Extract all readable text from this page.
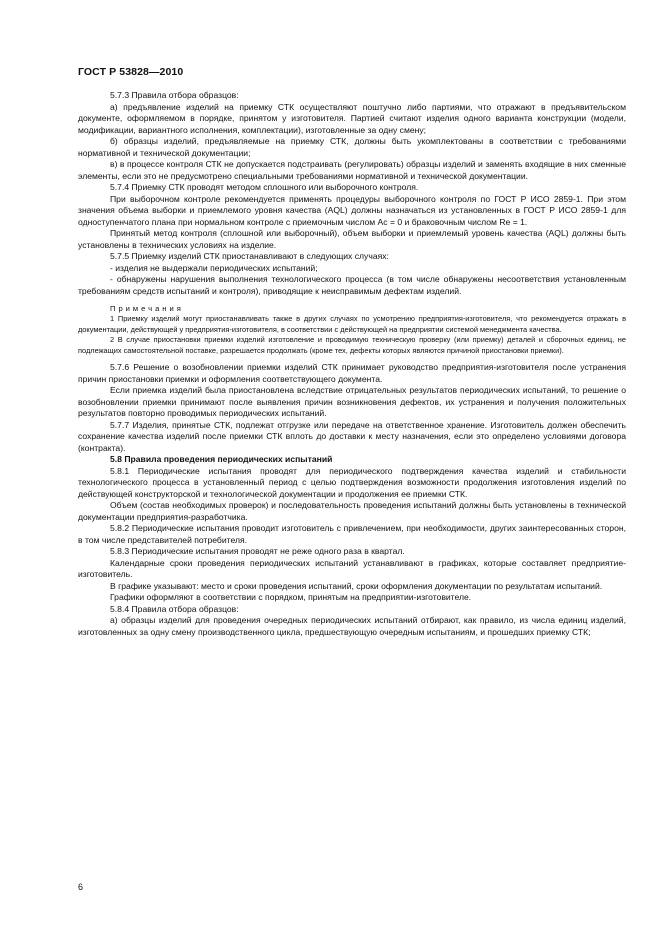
ГОСТ Р 53828—2010

5.7.3 Правила отбора образцов:

а) предъявление изделий на приемку СТК осуществляют поштучно либо партиями, что отражают в предъявительском документе, оформляемом в порядке, принятом у изготовителя. Партией считают изделия одного варианта конструкции (модели, модификации, вариантного исполнения, комплектации), изготовленные за одну смену;

б) образцы изделий, предъявляемые на приемку СТК, должны быть укомплектованы в соответствии с требованиями нормативной и технической документации;

в) в процессе контроля СТК не допускается подстраивать (регулировать) образцы изделий и заменять входящие в них сменные элементы, если это не предусмотрено специальными требованиями нормативной и технической документации.

5.7.4 Приемку СТК проводят методом сплошного или выборочного контроля.

При выборочном контроле рекомендуется применять процедуры выборочного контроля по ГОСТ Р ИСО 2859-1. При этом значения объема выборки и приемлемого уровня качества (AQL) должны назначаться из установленных в ГОСТ Р ИСО 2859-1 для одноступенчатого плана при нормальном контроле с приемочным числом Ас = 0 и браковочным числом Re = 1.

Принятый метод контроля (сплошной или выборочный), объем выборки и приемлемый уровень качества (AQL) должны быть установлены в технических условиях на изделие.

5.7.5 Приемку изделий СТК приостанавливают в следующих случаях:

- изделия не выдержали периодических испытаний;

- обнаружены нарушения выполнения технологического процесса (в том числе обнаружены несоответствия установленным требованиям средств испытаний и контроля), приводящие к неисправимым дефектам изделий.

Примечания

1 Приемку изделий могут приостанавливать также в других случаях по усмотрению предприятия-изготовителя, что рекомендуется отражать в документации, действующей у предприятия-изготовителя, в соответствии с действующей на предприятии системой менеджмента качества.

2 В случае приостановки приемки изделий изготовление и проводимую техническую проверку (или приемку) деталей и сборочных единиц, не подлежащих самостоятельной поставке, разрешается продолжать (кроме тех, дефекты которых являются причиной приостановки приемки).

5.7.6 Решение о возобновлении приемки изделий СТК принимает руководство предприятия-изготовителя после устранения причин приостановки приемки и оформления соответствующего документа.

Если приемка изделий была приостановлена вследствие отрицательных результатов периодических испытаний, то решение о возобновлении приемки принимают после выявления причин возникновения дефектов, их устранения и получения положительных результатов повторно проводимых периодических испытаний.

5.7.7 Изделия, принятые СТК, подлежат отгрузке или передаче на ответственное хранение. Изготовитель должен обеспечить сохранение качества изделий после приемки СТК вплоть до доставки к месту назначения, если это определено условиями договора (контракта).

5.8 Правила проведения периодических испытаний

5.8.1 Периодические испытания проводят для периодического подтверждения качества изделий и стабильности технологического процесса в установленный период с целью подтверждения возможности продолжения изготовления изделий по действующей конструкторской и технологической документации и продолжения ее приемки СТК.

Объем (состав необходимых проверок) и последовательность проведения испытаний должны быть установлены в технической документации предприятия-разработчика.

5.8.2 Периодические испытания проводит изготовитель с привлечением, при необходимости, других заинтересованных сторон, в том числе представителей потребителя.

5.8.3 Периодические испытания проводят не реже одного раза в квартал.

Календарные сроки проведения периодических испытаний устанавливают в графиках, которые составляет предприятие-изготовитель.

В графике указывают: место и сроки проведения испытаний, сроки оформления документации по результатам испытаний.

Графики оформляют в соответствии с порядком, принятым на предприятии-изготовителе.

5.8.4 Правила отбора образцов:

а) образцы изделий для проведения очередных периодических испытаний отбирают, как правило, из числа единиц изделий, изготовленных за одну смену производственного цикла, предшествующую очередным испытаниям, и прошедших приемку СТК;

6
